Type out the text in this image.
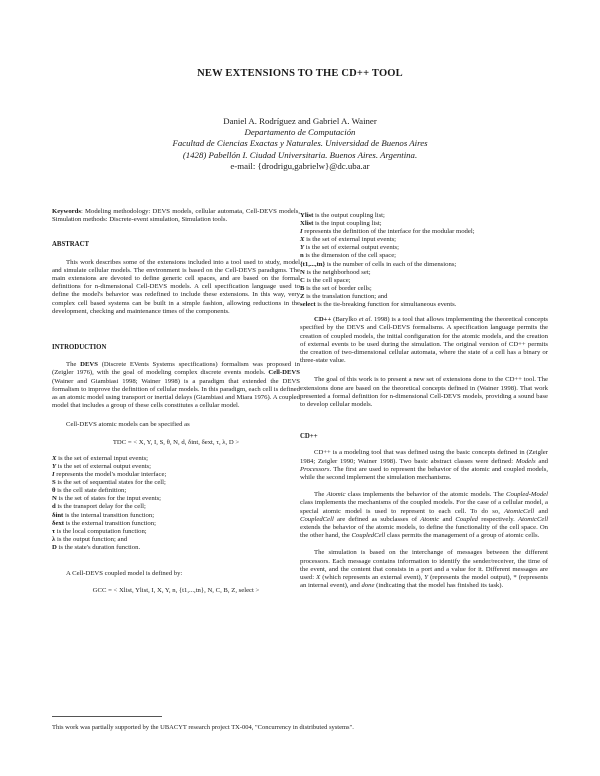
NEW EXTENSIONS TO THE CD++ TOOL
Daniel A. Rodríguez and Gabriel A. Wainer
Departamento de Computación
Facultad de Ciencias Exactas y Naturales. Universidad de Buenos Aires
(1428) Pabellón I. Ciudad Universitaria. Buenos Aires. Argentina.
e-mail: {drodrigu,gabrielw}@dc.uba.ar

Keywords: Modeling methodology: DEVS models, cellular automata, Cell-DEVS models, Simulation methods: Discrete-event simulation, Simulation tools.

ABSTRACT

This work describes some of the extensions included into a tool used to study, model and simulate cellular models. The environment is based on the Cell-DEVS paradigms. The main extensions are devoted to define generic cell spaces, and are based on the formal definitions for n-dimensional Cell-DEVS models. A cell specification language used to define the model's behavior was redefined to include these extensions. In this way, very complex cell based systems can be built in a simple fashion, allowing reductions in the development, checking and maintenance times of the components.

INTRODUCTION

The DEVS (Discrete EVents Systems specifications) formalism was proposed in (Zeigler 1976), with the goal of modeling complex discrete events models. Cell-DEVS (Wainer and Giambiasi 1998; Wainer 1998) is a paradigm that extended the DEVS formalism to improve the definition of cellular models. In this paradigm, each cell is defined as an atomic model using transport or inertial delays (Giambiasi and Miara 1976). A coupled model that includes a group of these cells constitutes a cellular model.

Cell-DEVS atomic models can be specified as

TDC = < X, Y, I, S, θ, N, d, δint, δext, τ, λ, D >

X is the set of external input events;
Y is the set of external output events;
I represents the model's modular interface;
S is the set of sequential states for the cell;
θ is the cell state definition;
N is the set of states for the input events;
d is the transport delay for the cell;
δint is the internal transition function;
δext is the external transition function;
τ is the local computation function;
λ is the output function; and
D is the state's duration function.

A Cell-DEVS coupled model is defined by:

GCC = < Xlist, Ylist, I, X, Y, n, {t1,...,tn}, N, C, B, Z, select >

Ylist is the output coupling list;
Xlist is the input coupling list;
I represents the definition of the interface for the modular model;
X is the set of external input events;
Y is the set of external output events;
n is the dimension of the cell space;
{t1,...,tn} is the number of cells in each of the dimensions;
N is the neighborhood set;
C is the cell space;
B is the set of border cells;
Z is the translation function; and
select is the tie-breaking function for simultaneous events.

CD++ (Barylko et al. 1998) is a tool that allows implementing the theoretical concepts specified by the DEVS and Cell-DEVS formalisms. A specification language permits the creation of coupled models, the initial configuration for the atomic models, and the creation of external events to be used during the simulation. The original version of CD++ permits the creation of two-dimensional cellular automata, where the state of a cell has a binary or three-state value.

The goal of this work is to present a new set of extensions done to the CD++ tool. The extensions done are based on the theoretical concepts defined in (Wainer 1998). That work presented a formal definition for n-dimensional Cell-DEVS models, providing a sound base to develop cellular models.

CD++

CD++ is a modeling tool that was defined using the basic concepts defined in (Zeigler 1984; Zeigler 1990; Wainer 1998). Two basic abstract classes were defined: Models and Processors. The first are used to represent the behavior of the atomic and coupled models, while the second implement the simulation mechanisms.

The Atomic class implements the behavior of the atomic models. The Coupled-Model class implements the mechanisms of the coupled models. For the case of a cellular model, a special atomic model is used to represent to each cell. To do so, AtomicCell and CoupledCell are defined as subclasses of Atomic and Coupled respectively. AtomicCell extends the behavior of the atomic models, to define the functionality of the cell space. On the other hand, the CoupledCell class permits the management of a group of atomic cells.

The simulation is based on the interchange of messages between the different processors. Each message contains information to identify the sender/receiver, the time of the event, and the content that consists in a port and a value for it. Different messages are used: X (which represents an external event), Y (represents the model output), * (represents an internal event), and done (indicating that the model has finished its task).

This work was partially supported by the UBACYT research project TX-004, "Concurrency in distributed systems".
